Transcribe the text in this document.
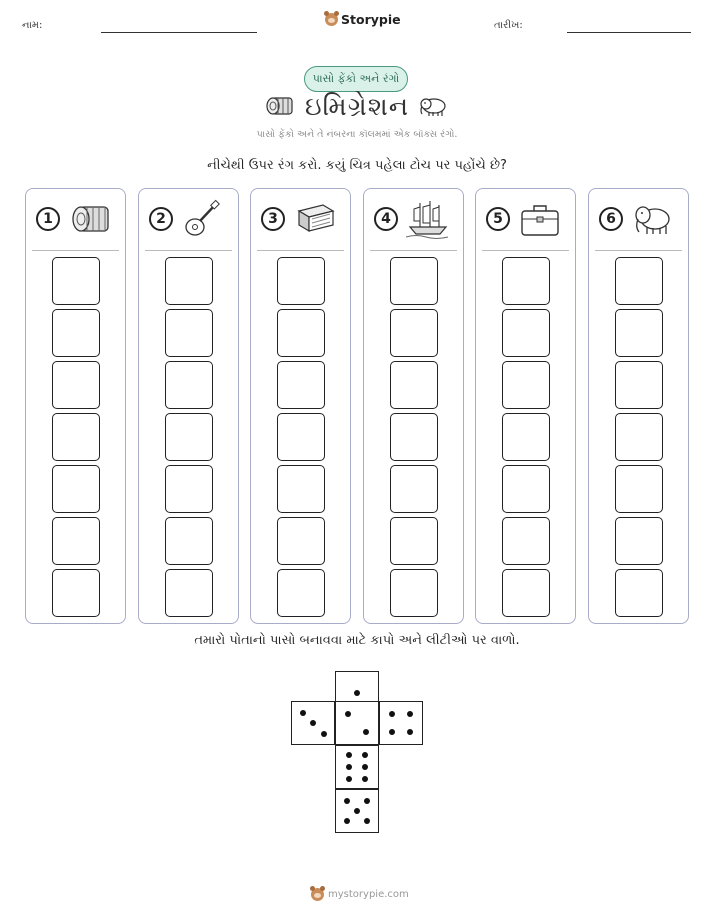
નામ:	Storypie	તારીખ:
પાસો ફેંકો અને રંગો
ઇમિગ્રેશન
પાસો ફેંકો અને તે નંબરના કૉલમમાં એક બૉક્સ રંગો.
નીચેથી ઉપર રંગ કરો. કયું ચિત્ર પહેલા ટોચ પર પહોંચે છે?
1	2	3	4	5	6
તમારો પોતાનો પાસો બનાવવા માટે કાપો અને લીટીઓ પર વાળો.
mystorypie.com
